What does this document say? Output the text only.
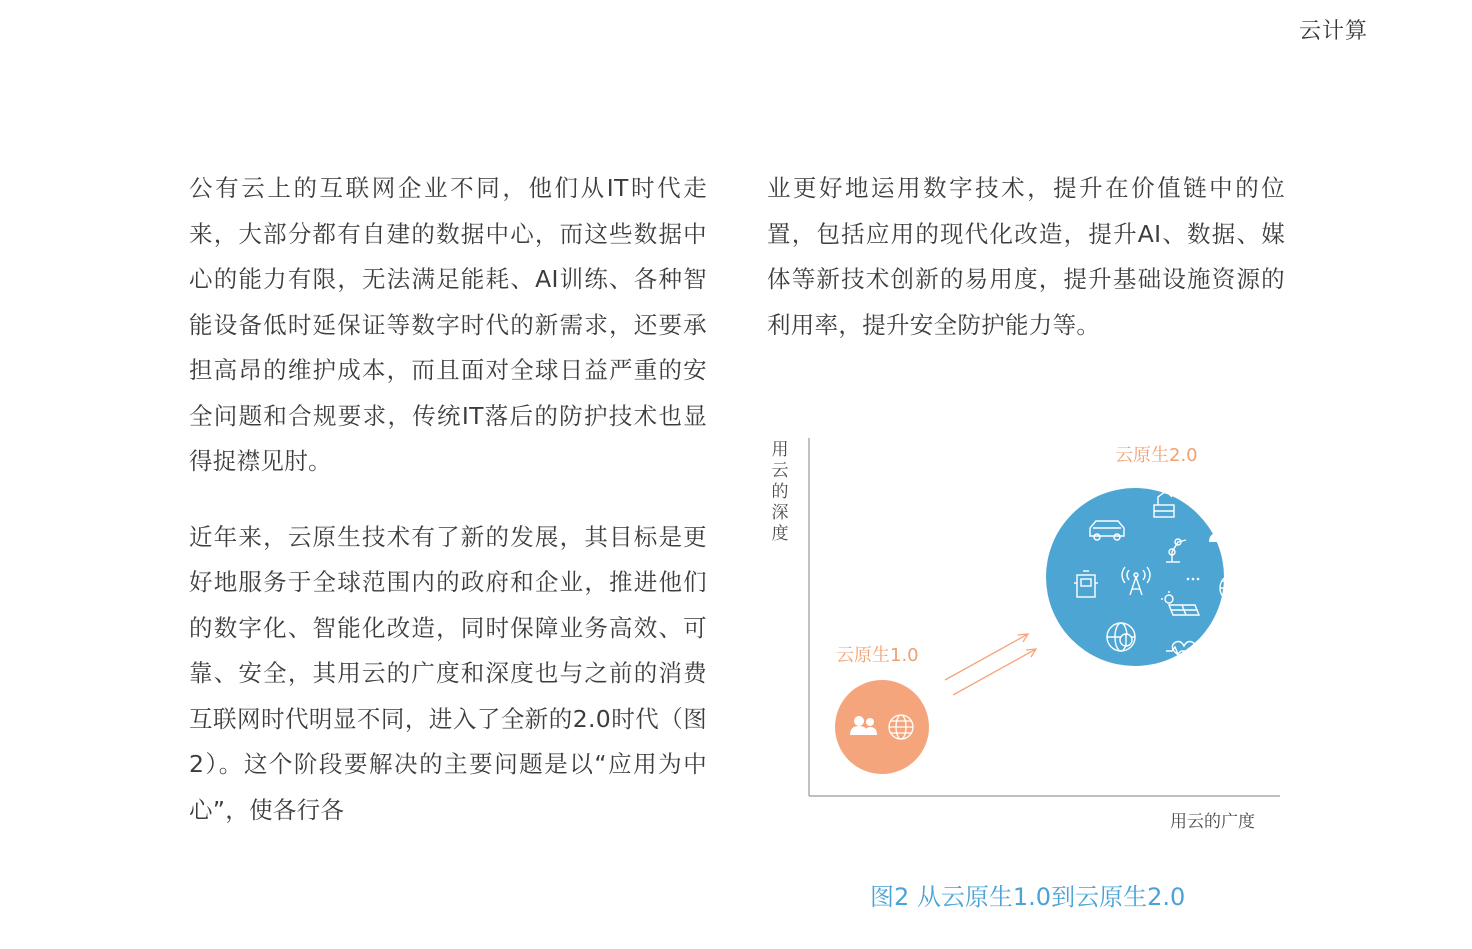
云计算

公有云上的互联网企业不同，他们从IT时代走来，大部分都有自建的数据中心，而这些数据中心的能力有限，无法满足能耗、AI训练、各种智能设备低时延保证等数字时代的新需求，还要承担高昂的维护成本，而且面对全球日益严重的安全问题和合规要求，传统IT落后的防护技术也显得捉襟见肘。

近年来，云原生技术有了新的发展，其目标是更好地服务于全球范围内的政府和企业，推进他们的数字化、智能化改造，同时保障业务高效、可靠、安全，其用云的广度和深度也与之前的消费互联网时代明显不同，进入了全新的2.0时代（图2）。这个阶段要解决的主要问题是以“应用为中心”，使各行各

业更好地运用数字技术，提升在价值链中的位置，包括应用的现代化改造，提升AI、数据、媒体等新技术创新的易用度，提升基础设施资源的利用率，提升安全防护能力等。

用云的深度
云原生2.0
云原生1.0
用云的广度
图2 从云原生1.0到云原生2.0
